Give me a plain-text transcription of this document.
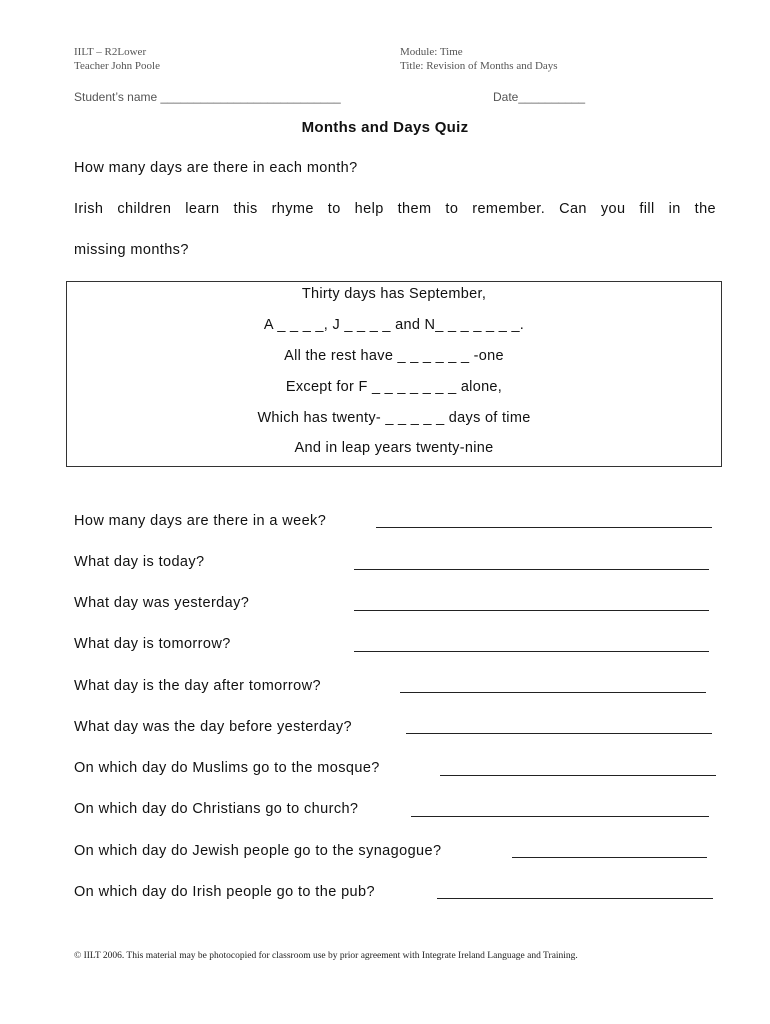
IILT – R2Lower
Teacher John Poole
Module: Time
Title: Revision of Months and Days
Student’s name ___________________________	Date__________
Months and Days Quiz
How many days are there in each month?
Irish children learn this rhyme to help them to remember. Can you fill in the
missing months?
Thirty days has September,
A _ _ _ _, J _ _ _ _ and N_ _ _ _ _ _ _.
All the rest have _ _ _ _ _ _ -one
Except for F _ _ _ _ _ _ _ alone,
Which has twenty- _ _ _ _ _ days of time
And in leap years twenty-nine
How many days are there in a week?
What day is today?
What day was yesterday?
What day is tomorrow?
What day is the day after tomorrow?
What day was the day before yesterday?
On which day do Muslims go to the mosque?
On which day do Christians go to church?
On which day do Jewish people go to the synagogue?
On which day do Irish people go to the pub?
© IILT 2006. This material may be photocopied for classroom use by prior agreement with Integrate Ireland Language and Training.
